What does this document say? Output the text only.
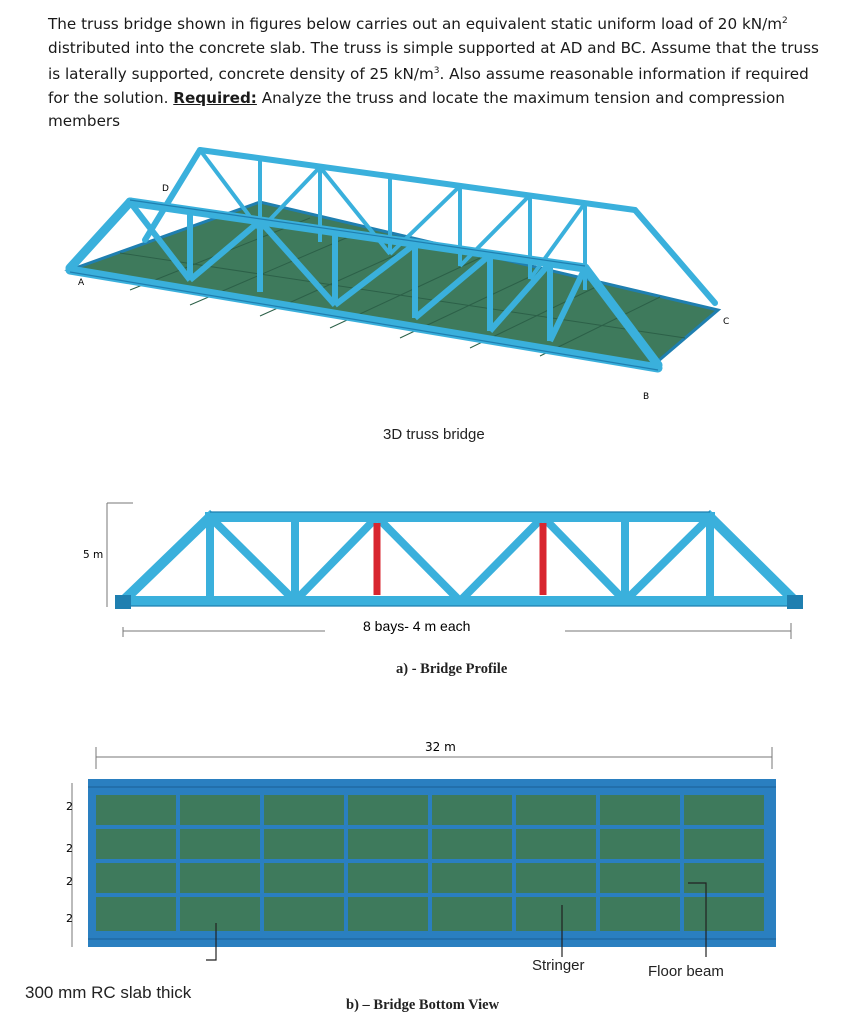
The truss bridge shown in figures below carries out an equivalent static uniform load of 20 $kN/m^2$ distributed into the concrete slab. The truss is simple supported at AD and BC. Assume that the truss is laterally supported, concrete density of 25 $kN/m^3$. Also assume reasonable information if required for the solution. Required: Analyze the truss and locate the maximum tension and compression members

D
A
C
B
3D truss bridge
5 m
8 bays- 4 m each
a) - Bridge Profile
32 m
2
2
2
2
Stringer	Floor beam
300 mm RC slab thick
b) – Bridge Bottom View
